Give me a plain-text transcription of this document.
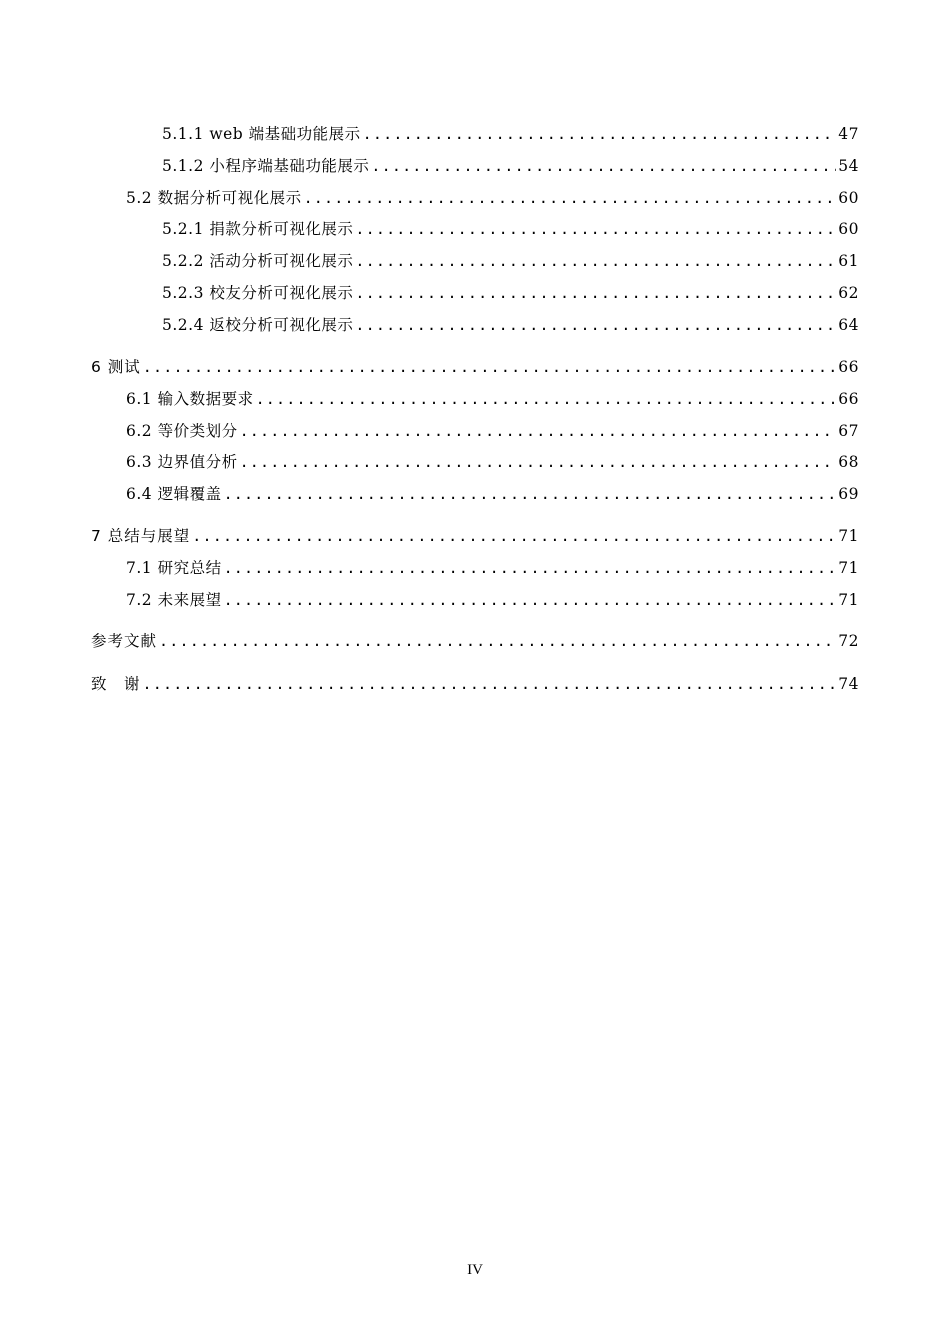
5.1.1 web 端基础功能展示 .....	47
5.1.2 小程序端基础功能展示 .....	54
5.2 数据分析可视化展示 .....	60
5.2.1 捐款分析可视化展示 .....	60
5.2.2 活动分析可视化展示 .....	61
5.2.3 校友分析可视化展示 .....	62
5.2.4 返校分析可视化展示 .....	64
6 测试 .....	66
6.1 输入数据要求 .....	66
6.2 等价类划分 .....	67
6.3 边界值分析 .....	68
6.4 逻辑覆盖 .....	69
7 总结与展望 .....	71
7.1 研究总结 .....	71
7.2 未来展望 .....	71
参考文献 .....	72
致　谢 .....	74
IV
